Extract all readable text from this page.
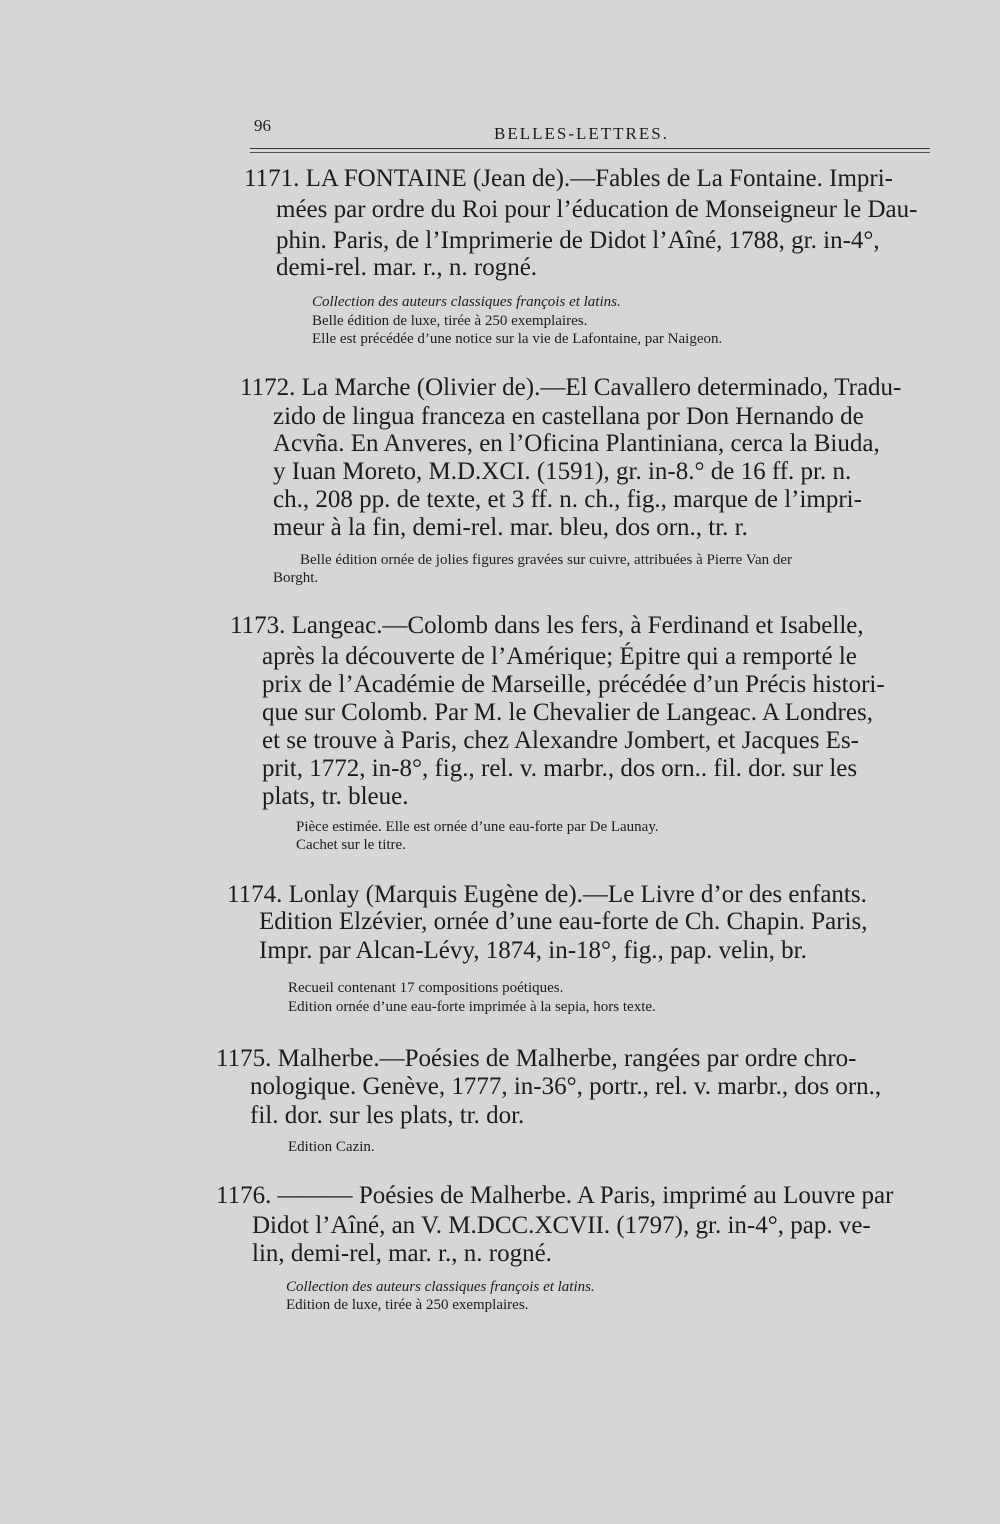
96	BELLES-LETTRES.
1171. LA FONTAINE (Jean de).—Fables de La Fontaine. Impri-
mées par ordre du Roi pour l’éducation de Monseigneur le Dau-
phin. Paris, de l’Imprimerie de Didot l’Aîné, 1788, gr. in-4°,
demi-rel. mar. r., n. rogné.
Collection des auteurs classiques françois et latins.
Belle édition de luxe, tirée à 250 exemplaires.
Elle est précédée d’une notice sur la vie de Lafontaine, par Naigeon.
1172. La Marche (Olivier de).—El Cavallero determinado, Tradu-
zido de lingua franceza en castellana por Don Hernando de
Acvña. En Anveres, en l’Oficina Plantiniana, cerca la Biuda,
y Iuan Moreto, M.D.XCI. (1591), gr. in-8.° de 16 ff. pr. n.
ch., 208 pp. de texte, et 3 ff. n. ch., fig., marque de l’impri-
meur à la fin, demi-rel. mar. bleu, dos orn., tr. r.
Belle édition ornée de jolies figures gravées sur cuivre, attribuées à Pierre Van der
Borght.
1173. Langeac.—Colomb dans les fers, à Ferdinand et Isabelle,
après la découverte de l’Amérique; Épitre qui a remporté le
prix de l’Académie de Marseille, précédée d’un Précis histori-
que sur Colomb. Par M. le Chevalier de Langeac. A Londres,
et se trouve à Paris, chez Alexandre Jombert, et Jacques Es-
prit, 1772, in-8°, fig., rel. v. marbr., dos orn.. fil. dor. sur les
plats, tr. bleue.
Pièce estimée. Elle est ornée d’une eau-forte par De Launay.
Cachet sur le titre.
1174. Lonlay (Marquis Eugène de).—Le Livre d’or des enfants.
Edition Elzévier, ornée d’une eau-forte de Ch. Chapin. Paris,
Impr. par Alcan-Lévy, 1874, in-18°, fig., pap. velin, br.
Recueil contenant 17 compositions poétiques.
Edition ornée d’une eau-forte imprimée à la sepia, hors texte.
1175. Malherbe.—Poésies de Malherbe, rangées par ordre chro-
nologique. Genève, 1777, in-36°, portr., rel. v. marbr., dos orn.,
fil. dor. sur les plats, tr. dor.
Edition Cazin.
1176. ——— Poésies de Malherbe. A Paris, imprimé au Louvre par
Didot l’Aîné, an V. M.DCC.XCVII. (1797), gr. in-4°, pap. ve-
lin, demi-rel, mar. r., n. rogné.
Collection des auteurs classiques françois et latins.
Edition de luxe, tirée à 250 exemplaires.
